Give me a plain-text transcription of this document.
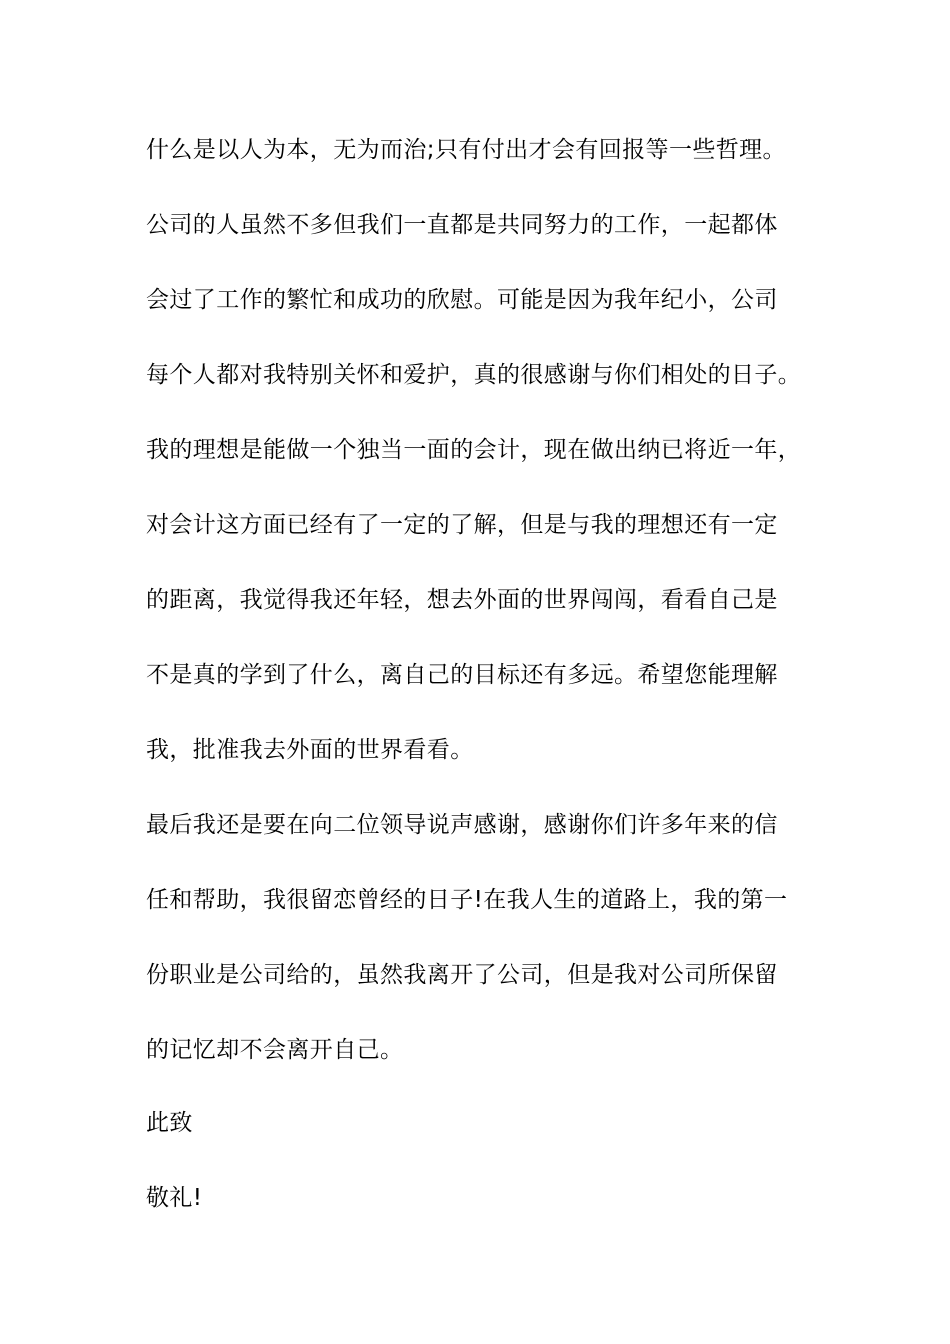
什么是以人为本，无为而治;只有付出才会有回报等一些哲理。
公司的人虽然不多但我们一直都是共同努力的工作，一起都体
会过了工作的繁忙和成功的欣慰。可能是因为我年纪小，公司
每个人都对我特别关怀和爱护，真的很感谢与你们相处的日子。
我的理想是能做一个独当一面的会计，现在做出纳已将近一年，
对会计这方面已经有了一定的了解，但是与我的理想还有一定
的距离，我觉得我还年轻，想去外面的世界闯闯，看看自己是
不是真的学到了什么，离自己的目标还有多远。希望您能理解
我，批准我去外面的世界看看。
最后我还是要在向二位领导说声感谢，感谢你们许多年来的信
任和帮助，我很留恋曾经的日子!在我人生的道路上，我的第一
份职业是公司给的，虽然我离开了公司，但是我对公司所保留
的记忆却不会离开自己。
此致
敬礼!
